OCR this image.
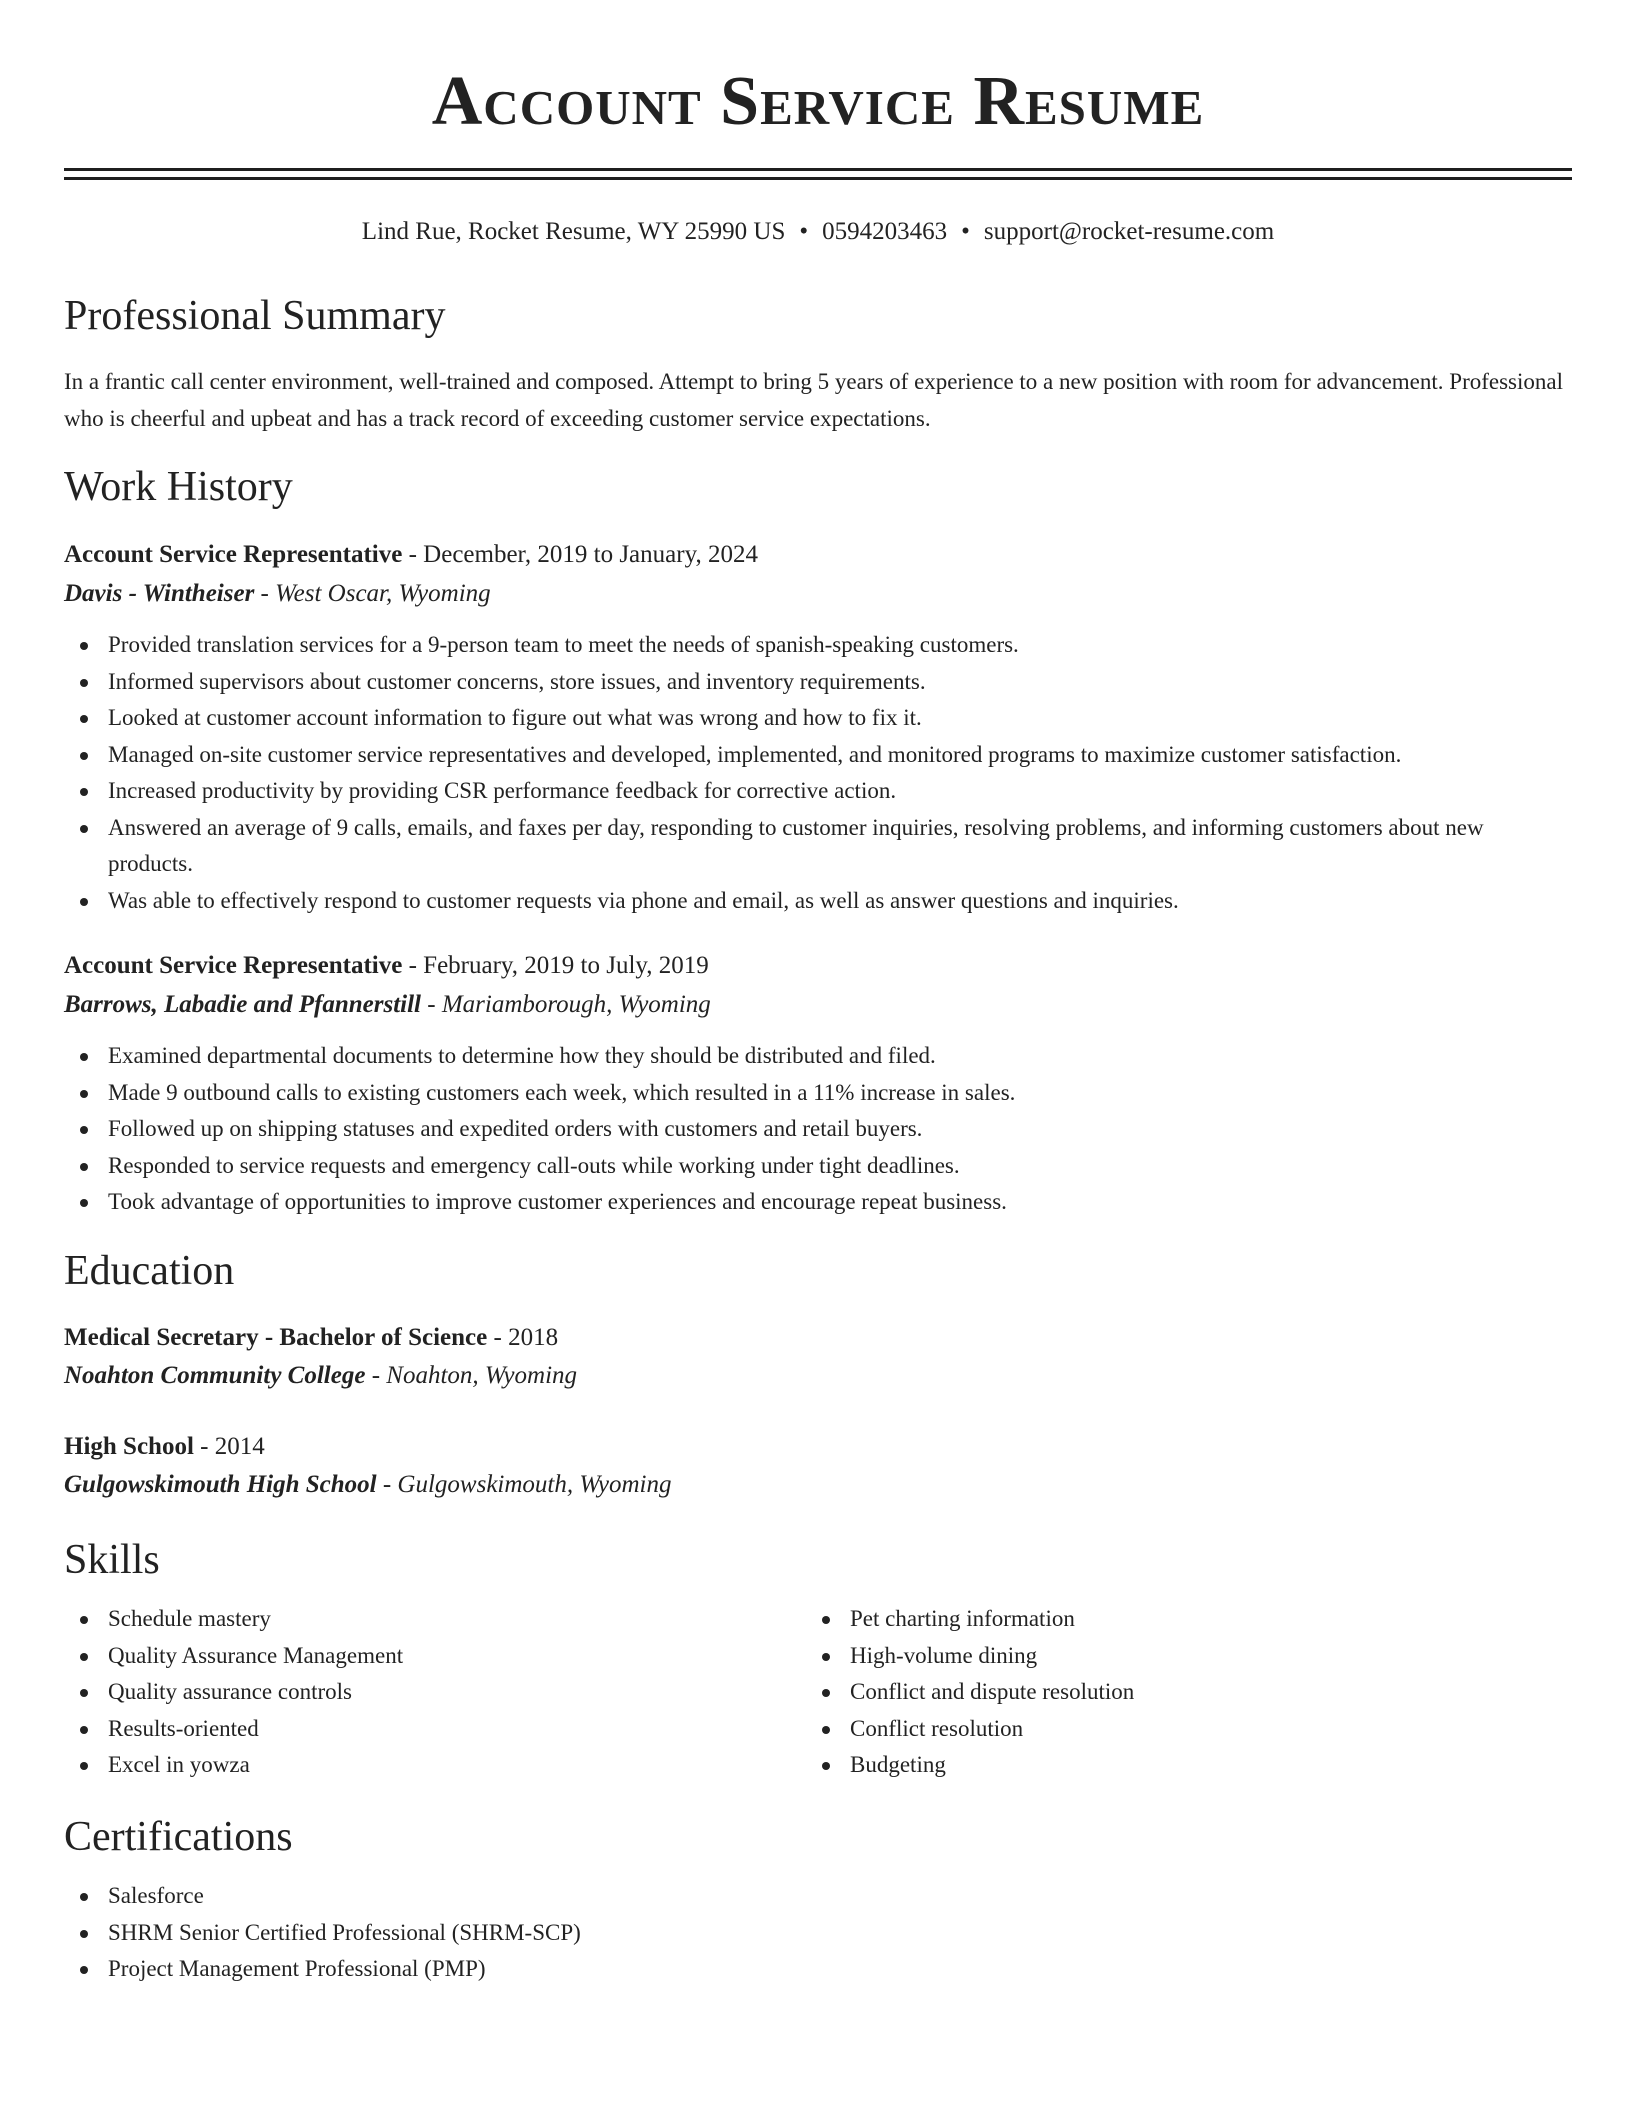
Account Service Resume
Lind Rue, Rocket Resume, WY 25990 US • 0594203463 • support@rocket-resume.com
Professional Summary

In a frantic call center environment, well-trained and composed. Attempt to bring 5 years of experience to a new position with room for advancement. Professional who is cheerful and upbeat and has a track record of exceeding customer service expectations.

Work History
Account Service Representative - December, 2019 to January, 2024
Davis - Wintheiser - West Oscar, Wyoming
Provided translation services for a 9-person team to meet the needs of spanish-speaking customers.
Informed supervisors about customer concerns, store issues, and inventory requirements.
Looked at customer account information to figure out what was wrong and how to fix it.
Managed on-site customer service representatives and developed, implemented, and monitored programs to maximize customer satisfaction.
Increased productivity by providing CSR performance feedback for corrective action.
Answered an average of 9 calls, emails, and faxes per day, responding to customer inquiries, resolving problems, and informing customers about new products.
Was able to effectively respond to customer requests via phone and email, as well as answer questions and inquiries.
Account Service Representative - February, 2019 to July, 2019
Barrows, Labadie and Pfannerstill - Mariamborough, Wyoming
Examined departmental documents to determine how they should be distributed and filed.
Made 9 outbound calls to existing customers each week, which resulted in a 11% increase in sales.
Followed up on shipping statuses and expedited orders with customers and retail buyers.
Responded to service requests and emergency call-outs while working under tight deadlines.
Took advantage of opportunities to improve customer experiences and encourage repeat business.
Education
Medical Secretary - Bachelor of Science - 2018
Noahton Community College - Noahton, Wyoming
High School - 2014
Gulgowskimouth High School - Gulgowskimouth, Wyoming
Skills
Schedule mastery
Quality Assurance Management
Quality assurance controls
Results-oriented
Excel in yowza
Pet charting information
High-volume dining
Conflict and dispute resolution
Conflict resolution
Budgeting
Certifications
Salesforce
SHRM Senior Certified Professional (SHRM-SCP)
Project Management Professional (PMP)
